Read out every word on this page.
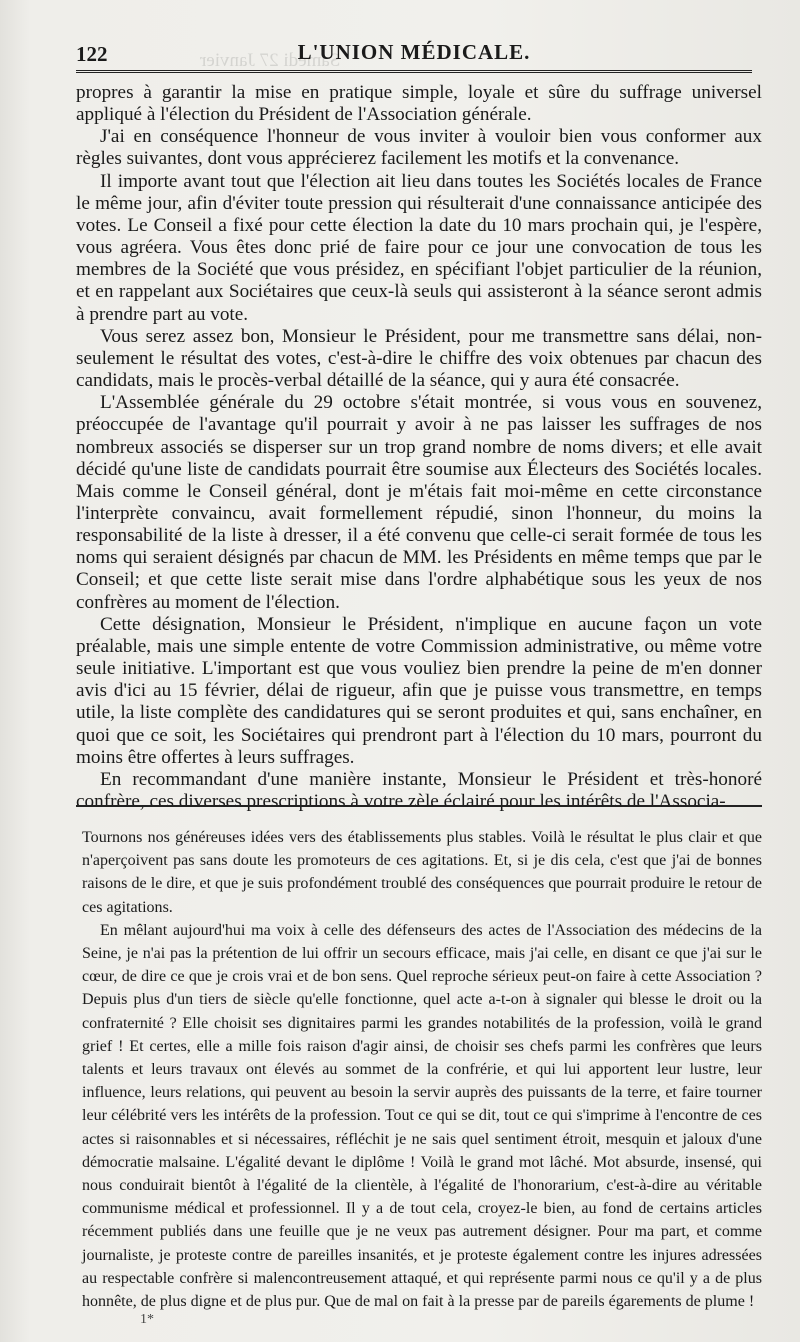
Samedi 27 Janvier
122	L'UNION MÉDICALE.

propres à garantir la mise en pratique simple, loyale et sûre du suffrage universel appliqué à l'élection du Président de l'Association générale.

J'ai en conséquence l'honneur de vous inviter à vouloir bien vous conformer aux règles suivantes, dont vous apprécierez facilement les motifs et la convenance.

Il importe avant tout que l'élection ait lieu dans toutes les Sociétés locales de France le même jour, afin d'éviter toute pression qui résulterait d'une connaissance anticipée des votes. Le Conseil a fixé pour cette élection la date du 10 mars prochain qui, je l'espère, vous agréera. Vous êtes donc prié de faire pour ce jour une convocation de tous les membres de la Société que vous présidez, en spécifiant l'objet particulier de la réunion, et en rappelant aux Sociétaires que ceux-là seuls qui assisteront à la séance seront admis à prendre part au vote.

Vous serez assez bon, Monsieur le Président, pour me transmettre sans délai, non-seulement le résultat des votes, c'est-à-dire le chiffre des voix obtenues par chacun des candidats, mais le procès-verbal détaillé de la séance, qui y aura été consacrée.

L'Assemblée générale du 29 octobre s'était montrée, si vous vous en souvenez, préoccupée de l'avantage qu'il pourrait y avoir à ne pas laisser les suffrages de nos nombreux associés se disperser sur un trop grand nombre de noms divers; et elle avait décidé qu'une liste de candidats pourrait être soumise aux Électeurs des Sociétés locales. Mais comme le Conseil général, dont je m'étais fait moi-même en cette circonstance l'interprète convaincu, avait formellement répudié, sinon l'honneur, du moins la responsabilité de la liste à dresser, il a été convenu que celle-ci serait formée de tous les noms qui seraient désignés par chacun de MM. les Présidents en même temps que par le Conseil; et que cette liste serait mise dans l'ordre alphabétique sous les yeux de nos confrères au moment de l'élection.

Cette désignation, Monsieur le Président, n'implique en aucune façon un vote préalable, mais une simple entente de votre Commission administrative, ou même votre seule initiative. L'important est que vous vouliez bien prendre la peine de m'en donner avis d'ici au 15 février, délai de rigueur, afin que je puisse vous transmettre, en temps utile, la liste complète des candidatures qui se seront produites et qui, sans enchaîner, en quoi que ce soit, les Sociétaires qui prendront part à l'élection du 10 mars, pourront du moins être offertes à leurs suffrages.

En recommandant d'une manière instante, Monsieur le Président et très-honoré confrère, ces diverses prescriptions à votre zèle éclairé pour les intérêts de l'Associa-

Tournons nos généreuses idées vers des établissements plus stables. Voilà le résultat le plus clair et que n'aperçoivent pas sans doute les promoteurs de ces agitations. Et, si je dis cela, c'est que j'ai de bonnes raisons de le dire, et que je suis profondément troublé des conséquences que pourrait produire le retour de ces agitations.

En mêlant aujourd'hui ma voix à celle des défenseurs des actes de l'Association des médecins de la Seine, je n'ai pas la prétention de lui offrir un secours efficace, mais j'ai celle, en disant ce que j'ai sur le cœur, de dire ce que je crois vrai et de bon sens. Quel reproche sérieux peut-on faire à cette Association ? Depuis plus d'un tiers de siècle qu'elle fonctionne, quel acte a-t-on à signaler qui blesse le droit ou la confraternité ? Elle choisit ses dignitaires parmi les grandes notabilités de la profession, voilà le grand grief ! Et certes, elle a mille fois raison d'agir ainsi, de choisir ses chefs parmi les confrères que leurs talents et leurs travaux ont élevés au sommet de la confrérie, et qui lui apportent leur lustre, leur influence, leurs relations, qui peuvent au besoin la servir auprès des puissants de la terre, et faire tourner leur célébrité vers les intérêts de la profession. Tout ce qui se dit, tout ce qui s'imprime à l'encontre de ces actes si raisonnables et si nécessaires, réfléchit je ne sais quel sentiment étroit, mesquin et jaloux d'une démocratie malsaine. L'égalité devant le diplôme ! Voilà le grand mot lâché. Mot absurde, insensé, qui nous conduirait bientôt à l'égalité de la clientèle, à l'égalité de l'honorarium, c'est-à-dire au véritable communisme médical et professionnel. Il y a de tout cela, croyez-le bien, au fond de certains articles récemment publiés dans une feuille que je ne veux pas autrement désigner. Pour ma part, et comme journaliste, je proteste contre de pareilles insanités, et je proteste également contre les injures adressées au respectable confrère si malencontreusement attaqué, et qui représente parmi nous ce qu'il y a de plus honnête, de plus digne et de plus pur. Que de mal on fait à la presse par de pareils égarements de plume !

1*
